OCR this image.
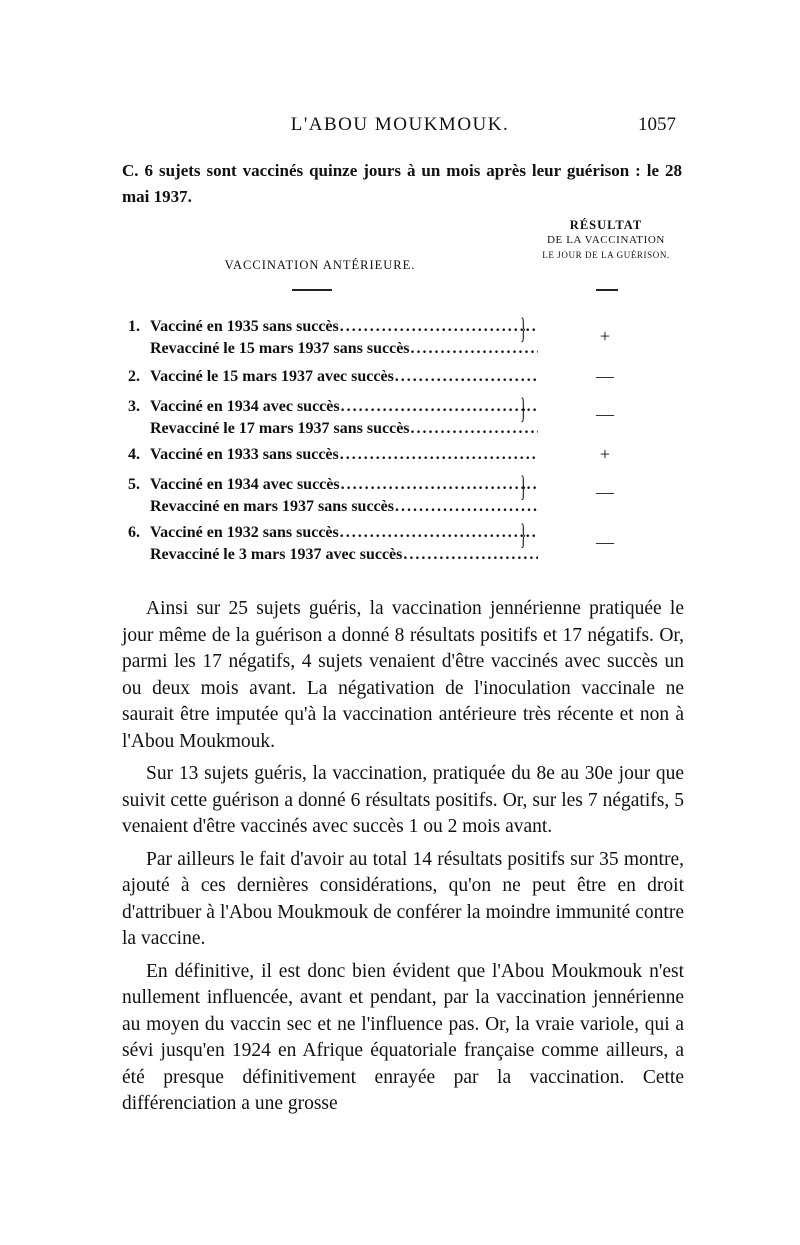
L'ABOU MOUKMOUK.	1057
C. 6 sujets sont vaccinés quinze jours à un mois après leur guérison : le 28 mai 1937.
VACCINATION ANTÉRIEURE.
RÉSULTAT
DE LA VACCINATION
LE JOUR DE LA GUÉRISON.
1. Vacciné en 1935 sans succès
.....
Revacciné le 15 mars 1937 sans succès
.....
}	+
2. Vacciné le 15 mars 1937 avec succès .....	—
3. Vacciné en 1934 avec succès
.....
Revacciné le 17 mars 1937 sans succès
.....
}	—
4. Vacciné en 1933 sans succès .....	+
5. Vacciné en 1934 avec succès
.....
Revacciné en mars 1937 sans succès
.....
}	—
6. Vacciné en 1932 sans succès
.....
Revacciné le 3 mars 1937 avec succès
.....
}	—

Ainsi sur 25 sujets guéris, la vaccination jennérienne pratiquée le jour même de la guérison a donné 8 résultats positifs et 17 négatifs. Or, parmi les 17 négatifs, 4 sujets venaient d'être vaccinés avec succès un ou deux mois avant. La négativation de l'inoculation vaccinale ne saurait être imputée qu'à la vaccination antérieure très récente et non à l'Abou Moukmouk.

Sur 13 sujets guéris, la vaccination, pratiquée du 8e au 30e jour que suivit cette guérison a donné 6 résultats positifs. Or, sur les 7 négatifs, 5 venaient d'être vaccinés avec succès 1 ou 2 mois avant.

Par ailleurs le fait d'avoir au total 14 résultats positifs sur 35 montre, ajouté à ces dernières considérations, qu'on ne peut être en droit d'attribuer à l'Abou Moukmouk de conférer la moindre immunité contre la vaccine.

En définitive, il est donc bien évident que l'Abou Moukmouk n'est nullement influencée, avant et pendant, par la vaccination jennérienne au moyen du vaccin sec et ne l'influence pas. Or, la vraie variole, qui a sévi jusqu'en 1924 en Afrique équatoriale française comme ailleurs, a été presque définitivement enrayée par la vaccination. Cette différenciation a une grosse
